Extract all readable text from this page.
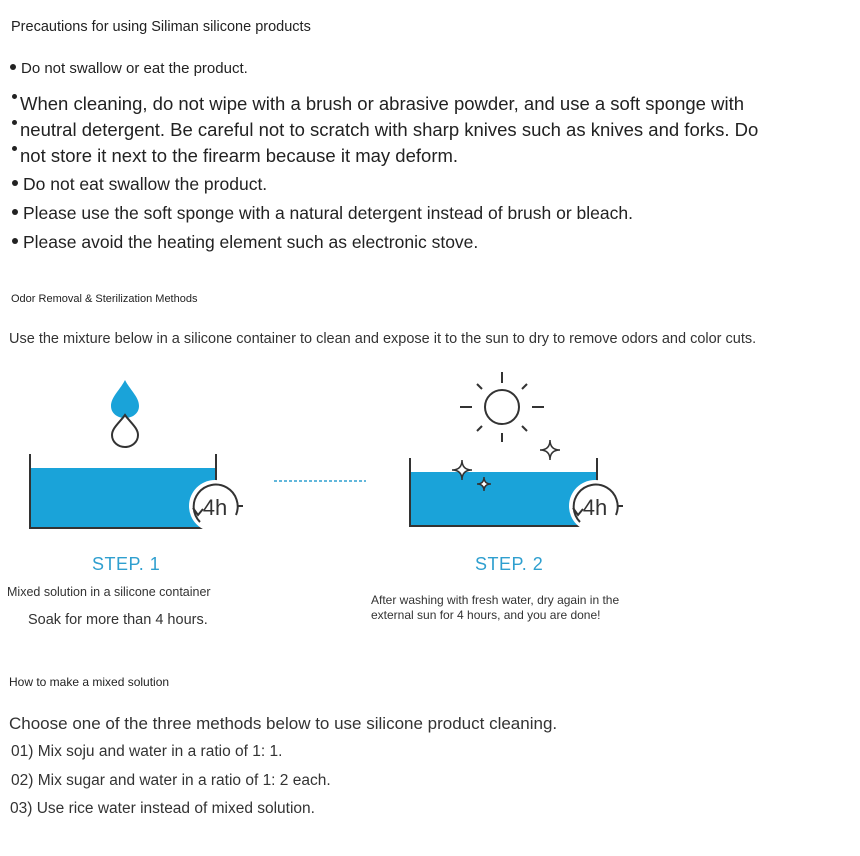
Precautions for using Siliman silicone products
Do not swallow or eat the product.
When cleaning, do not wipe with a brush or abrasive powder, and use a soft sponge with
neutral detergent. Be careful not to scratch with sharp knives such as knives and forks. Do
not store it next to the firearm because it may deform.
Do not eat swallow the product.
Please use the soft sponge with a natural detergent instead of brush or bleach.
Please avoid the heating element such as electronic stove.
Odor Removal & Sterilization Methods
Use the mixture below in a silicone container to clean and expose it to the sun to dry to remove odors and color cuts.
4h	4h
STEP. 1	STEP. 2
Mixed solution in a silicone container
Soak for more than 4 hours.
After washing with fresh water, dry again in the external sun for 4 hours, and you are done!
How to make a mixed solution
Choose one of the three methods below to use silicone product cleaning.
01) Mix soju and water in a ratio of 1: 1.
02) Mix sugar and water in a ratio of 1: 2 each.
03) Use rice water instead of mixed solution.
